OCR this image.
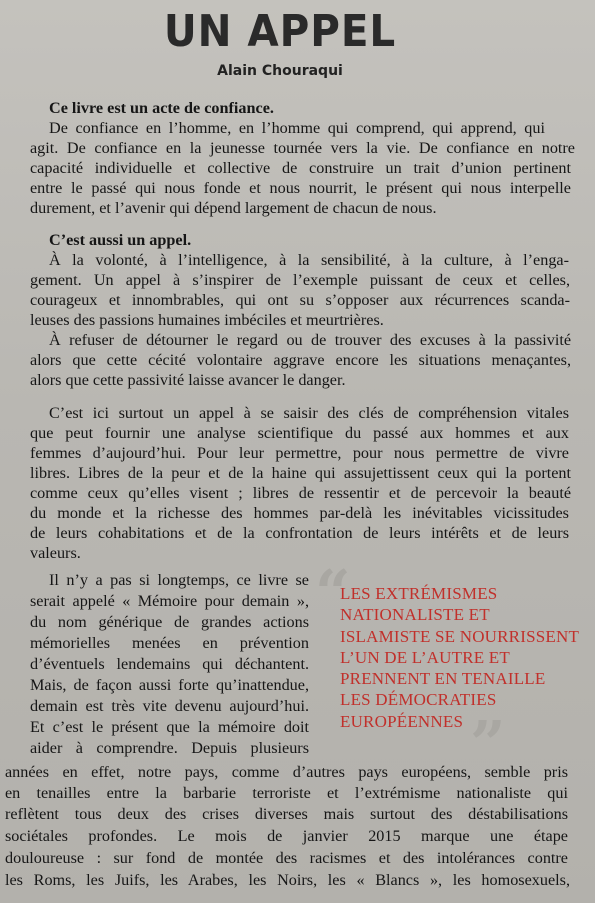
UN APPEL
Alain Chouraqui
Ce livre est un acte de confiance.
De confiance en l’homme, en l’homme qui comprend, qui apprend, qui
agit. De confiance en la jeunesse tournée vers la vie. De confiance en notre
capacité individuelle et collective de construire un trait d’union pertinent
entre le passé qui nous fonde et nous nourrit, le présent qui nous interpelle
durement, et l’avenir qui dépend largement de chacun de nous.
C’est aussi un appel.
À la volonté, à l’intelligence, à la sensibilité, à la culture, à l’enga-
gement. Un appel à s’inspirer de l’exemple puissant de ceux et celles,
courageux et innombrables, qui ont su s’opposer aux récurrences scanda-
leuses des passions humaines imbéciles et meurtrières.
À refuser de détourner le regard ou de trouver des excuses à la passivité
alors que cette cécité volontaire aggrave encore les situations menaçantes,
alors que cette passivité laisse avancer le danger.
C’est ici surtout un appel à se saisir des clés de compréhension vitales
que peut fournir une analyse scientifique du passé aux hommes et aux
femmes d’aujourd’hui. Pour leur permettre, pour nous permettre de vivre
libres. Libres de la peur et de la haine qui assujettissent ceux qui la portent
comme ceux qu’elles visent ; libres de ressentir et de percevoir la beauté
du monde et la richesse des hommes par-delà les inévitables vicissitudes
de leurs cohabitations et de la confrontation de leurs intérêts et de leurs
valeurs.
Il n’y a pas si longtemps, ce livre se
serait appelé « Mémoire pour demain »,
du nom générique de grandes actions
mémorielles menées en prévention
d’éventuels lendemains qui déchantent.
Mais, de façon aussi forte qu’inattendue,
demain est très vite devenu aujourd’hui.
Et c’est le présent que la mémoire doit
aider à comprendre. Depuis plusieurs
années en effet, notre pays, comme d’autres pays européens, semble pris
en tenailles entre la barbarie terroriste et l’extrémisme nationaliste qui
reflètent tous deux des crises diverses mais surtout des déstabilisations
sociétales profondes. Le mois de janvier 2015 marque une étape
douloureuse : sur fond de montée des racismes et des intolérances contre
les Roms, les Juifs, les Arabes, les Noirs, les « Blancs », les homosexuels,
“
LES EXTRÉMISMES
NATIONALISTE ET
ISLAMISTE SE NOURRISSENT
L’UN DE L’AUTRE ET
PRENNENT EN TENAILLE
LES DÉMOCRATIES
EUROPÉENNES ”
